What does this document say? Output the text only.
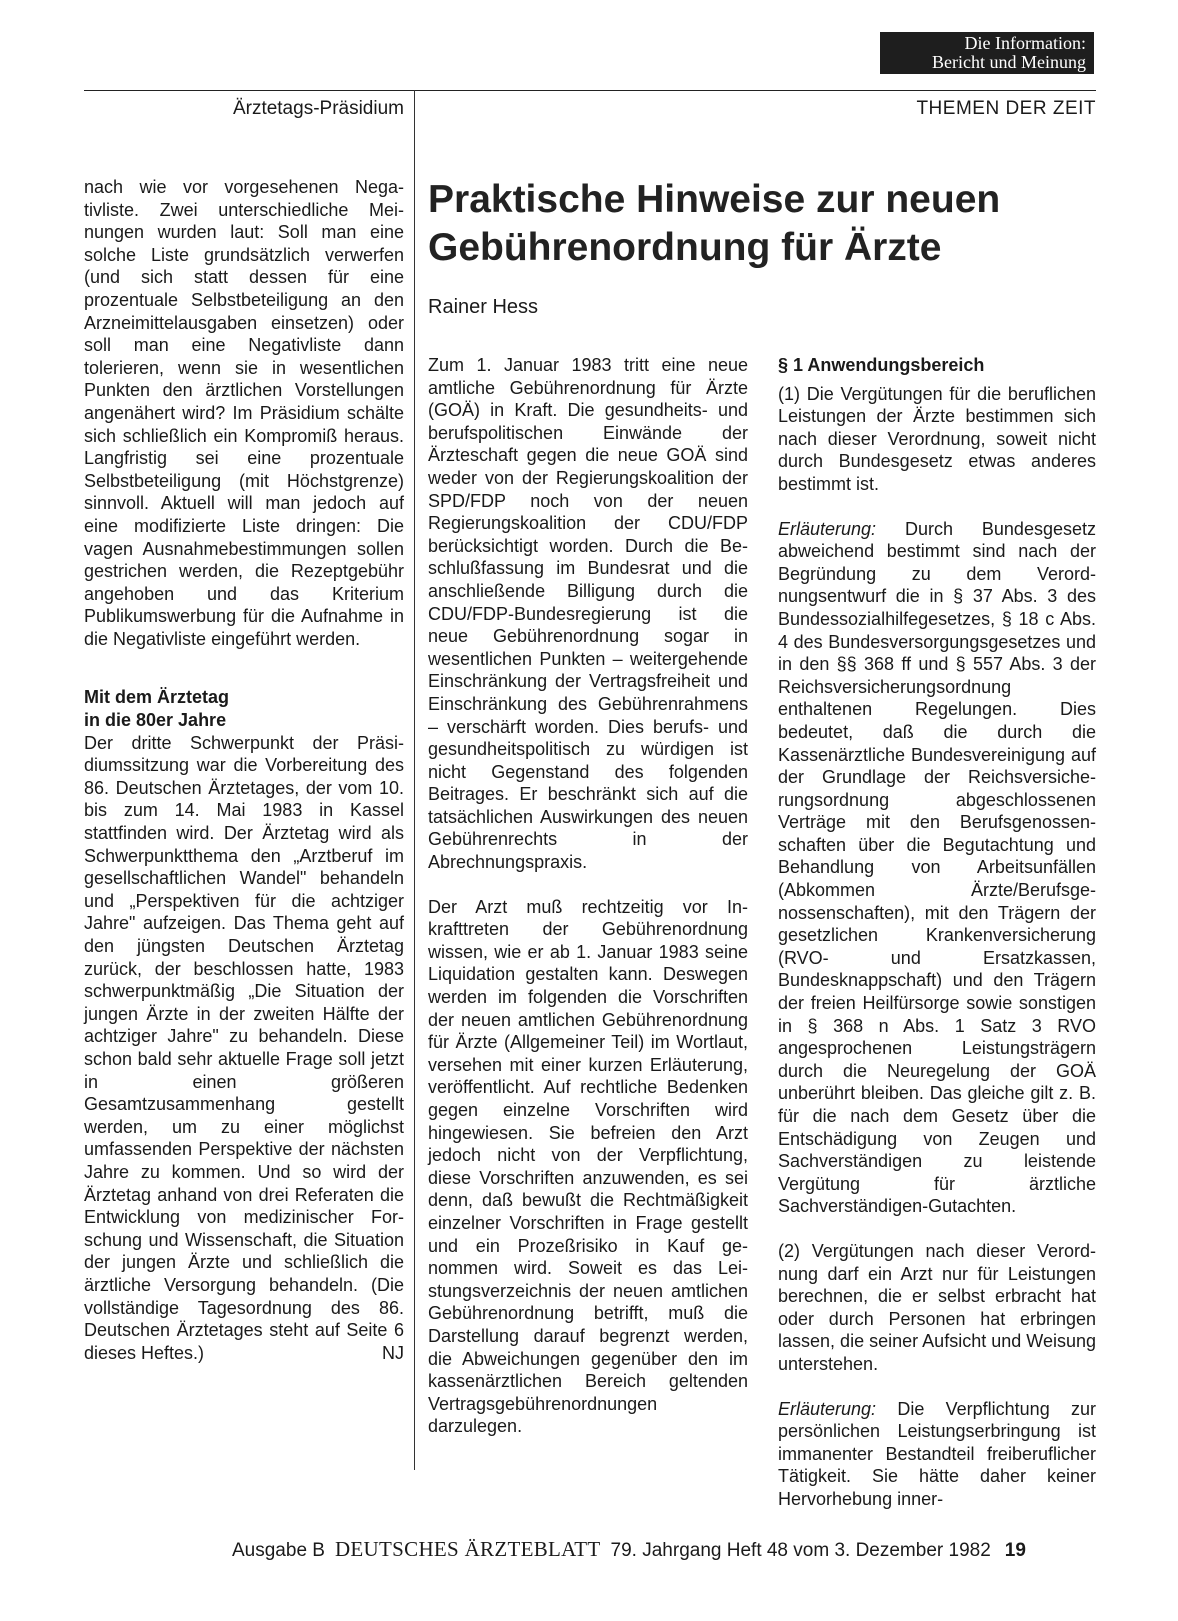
Die Information:
Bericht und Meinung
Ärztetags-Präsidium	THEMEN DER ZEIT
Praktische Hinweise zur neuen Gebührenordnung für Ärzte
Rainer Hess

nach wie vor vorgesehenen Negativliste. Zwei unterschiedliche Meinungen wurden laut: Soll man eine solche Liste grundsätzlich verwerfen (und sich statt dessen für eine prozentuale Selbstbeteiligung an den Arzneimittelausgaben einsetzen) oder soll man eine Negativliste dann tolerieren, wenn sie in wesentlichen Punkten den ärztlichen Vorstellungen angenähert wird? Im Präsidium schälte sich schließlich ein Kompromiß heraus. Langfristig sei eine prozentuale Selbstbeteiligung (mit Höchstgrenze) sinnvoll. Aktuell will man jedoch auf eine modifizierte Liste dringen: Die vagen Ausnahmebestimmungen sollen gestrichen werden, die Rezeptgebühr angehoben und das Kriterium Publikumswerbung für die Aufnahme in die Negativliste eingeführt werden.

Mit dem Ärztetag
in die 80er Jahre

Der dritte Schwerpunkt der Präsidiumssitzung war die Vorbereitung des 86. Deutschen Ärztetages, der vom 10. bis zum 14. Mai 1983 in Kassel stattfinden wird. Der Ärztetag wird als Schwerpunktthema den „Arztberuf im gesellschaftlichen Wandel" behandeln und „Perspektiven für die achtziger Jahre" aufzeigen. Das Thema geht auf den jüngsten Deutschen Ärztetag zurück, der beschlossen hatte, 1983 schwerpunktmäßig „Die Situation der jungen Ärzte in der zweiten Hälfte der achtziger Jahre" zu behandeln. Diese schon bald sehr aktuelle Frage soll jetzt in einen größeren Gesamtzusammenhang gestellt werden, um zu einer möglichst umfassenden Perspektive der nächsten Jahre zu kommen. Und so wird der Ärztetag anhand von drei Referaten die Entwicklung von medizinischer Forschung und Wissenschaft, die Situation der jungen Ärzte und schließlich die ärztliche Versorgung behandeln. (Die vollständige Tagesordnung des 86. Deutschen Ärztetages steht auf Seite 6 dieses Heftes.)	NJ

Zum 1. Januar 1983 tritt eine neue amtliche Gebührenordnung für Ärzte (GOÄ) in Kraft. Die gesundheits- und berufspolitischen Einwände der Ärzteschaft gegen die neue GOÄ sind weder von der Regierungskoalition der SPD/FDP noch von der neuen Regierungskoalition der CDU/FDP berücksichtigt worden. Durch die Beschlußfassung im Bundesrat und die anschließende Billigung durch die CDU/FDP-Bundesregierung ist die neue Gebührenordnung sogar in wesentlichen Punkten – weitergehende Einschränkung der Vertragsfreiheit und Einschränkung des Gebührenrahmens – verschärft worden. Dies berufs- und gesundheitspolitisch zu würdigen ist nicht Gegenstand des folgenden Beitrages. Er beschränkt sich auf die tatsächlichen Auswirkungen des neuen Gebührenrechts in der Abrechnungspraxis.

Der Arzt muß rechtzeitig vor Inkrafttreten der Gebührenordnung wissen, wie er ab 1. Januar 1983 seine Liquidation gestalten kann. Deswegen werden im folgenden die Vorschriften der neuen amtlichen Gebührenordnung für Ärzte (Allgemeiner Teil) im Wortlaut, versehen mit einer kurzen Erläuterung, veröffentlicht. Auf rechtliche Bedenken gegen einzelne Vorschriften wird hingewiesen. Sie befreien den Arzt jedoch nicht von der Verpflichtung, diese Vorschriften anzuwenden, es sei denn, daß bewußt die Rechtmäßigkeit einzelner Vorschriften in Frage gestellt und ein Prozeßrisiko in Kauf genommen wird. Soweit es das Leistungsverzeichnis der neuen amtlichen Gebührenordnung betrifft, muß die Darstellung darauf begrenzt werden, die Abweichungen gegenüber den im kassenärztlichen Bereich geltenden Vertragsgebührenordnungen darzulegen.

§ 1 Anwendungsbereich

(1) Die Vergütungen für die beruflichen Leistungen der Ärzte bestimmen sich nach dieser Verordnung, soweit nicht durch Bundesgesetz etwas anderes bestimmt ist.

Erläuterung: Durch Bundesgesetz abweichend bestimmt sind nach der Begründung zu dem Verordnungsentwurf die in § 37 Abs. 3 des Bundessozialhilfegesetzes, § 18 c Abs. 4 des Bundesversorgungsgesetzes und in den §§ 368 ff und § 557 Abs. 3 der Reichsversicherungsordnung enthaltenen Regelungen. Dies bedeutet, daß die durch die Kassenärztliche Bundesvereinigung auf der Grundlage der Reichsversicherungsordnung abgeschlossenen Verträge mit den Berufsgenossenschaften über die Begutachtung und Behandlung von Arbeitsunfällen (Abkommen Ärzte/Berufsgenossenschaften), mit den Trägern der gesetzlichen Krankenversicherung (RVO- und Ersatzkassen, Bundesknappschaft) und den Trägern der freien Heilfürsorge sowie sonstigen in § 368 n Abs. 1 Satz 3 RVO angesprochenen Leistungsträgern durch die Neuregelung der GOÄ unberührt bleiben. Das gleiche gilt z. B. für die nach dem Gesetz über die Entschädigung von Zeugen und Sachverständigen zu leistende Vergütung für ärztliche Sachverständigen-Gutachten.

(2) Vergütungen nach dieser Verordnung darf ein Arzt nur für Leistungen berechnen, die er selbst erbracht hat oder durch Personen hat erbringen lassen, die seiner Aufsicht und Weisung unterstehen.

Erläuterung: Die Verpflichtung zur persönlichen Leistungserbringung ist immanenter Bestandteil freiberuflicher Tätigkeit. Sie hätte daher keiner Hervorhebung inner-

Ausgabe B DEUTSCHES ÄRZTEBLATT 79. Jahrgang Heft 48 vom 3. Dezember 1982 19
